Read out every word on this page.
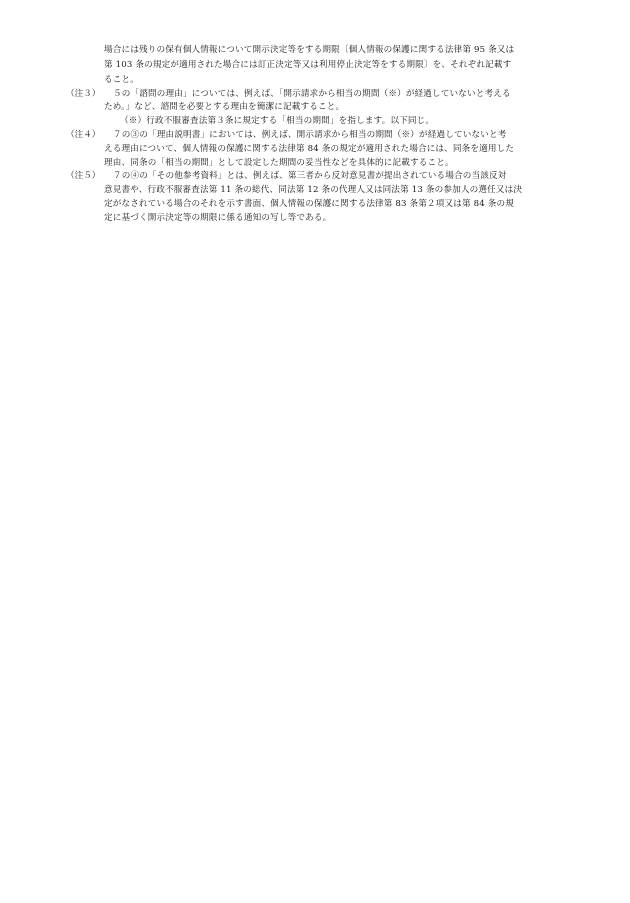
場合には残りの保有個人情報について開示決定等をする期限〔個人情報の保護に関する法律第 95 条又は
第 103 条の規定が適用された場合には訂正決定等又は利用停止決定等をする期限〕を、それぞれ記載す
ること。
（注３） ５の「諮問の理由」については、例えば、「開示請求から相当の期間（※）が経過していないと考える
ため。」など、諮問を必要とする理由を簡潔に記載すること。
（※）行政不服審査法第３条に規定する「相当の期間」を指します。以下同じ。
（注４） ７の③の「理由説明書」においては、例えば、開示請求から相当の期間（※）が経過していないと考
える理由について、個人情報の保護に関する法律第 84 条の規定が適用された場合には、同条を適用した
理由、同条の「相当の期間」として設定した期間の妥当性などを具体的に記載すること。
（注５） ７の④の「その他参考資料」とは、例えば、第三者から反対意見書が提出されている場合の当該反対
意見書や、行政不服審査法第 11 条の総代、同法第 12 条の代理人又は同法第 13 条の参加人の選任又は決
定がなされている場合のそれを示す書面、個人情報の保護に関する法律第 83 条第２項又は第 84 条の規
定に基づく開示決定等の期限に係る通知の写し等である。
